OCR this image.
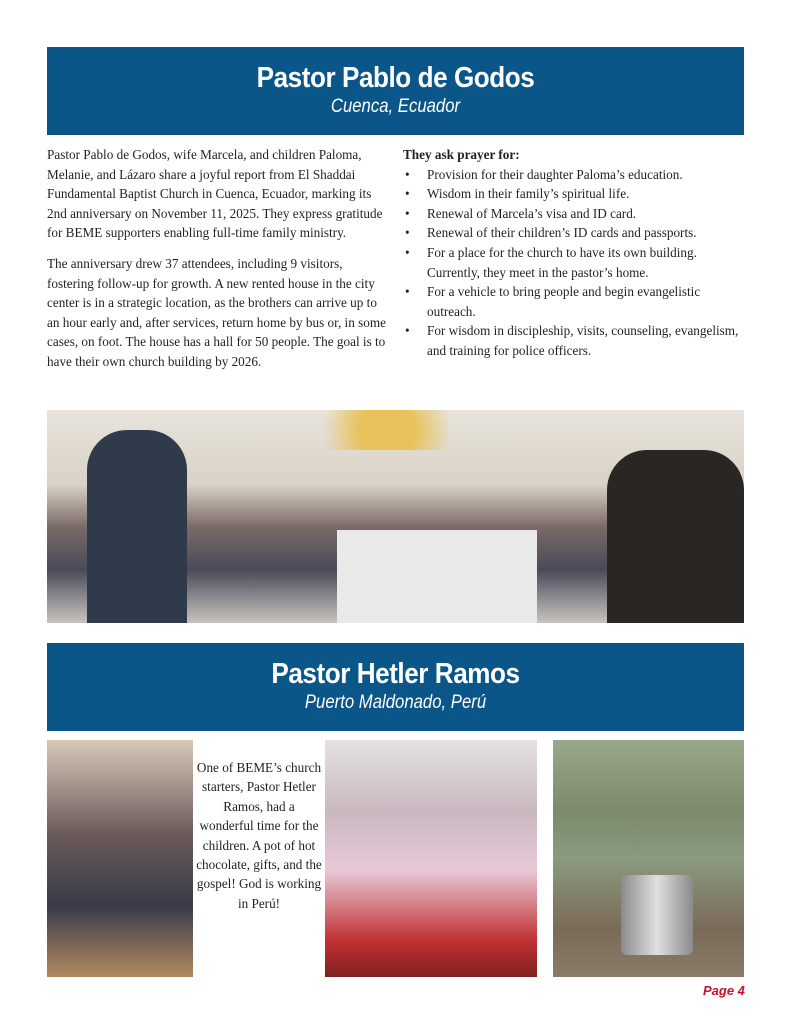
Pastor Pablo de Godos
Cuenca, Ecuador

Pastor Pablo de Godos, wife Marcela, and children Paloma, Melanie, and Lázaro share a joyful report from El Shaddai Fundamental Baptist Church in Cuenca, Ecuador, marking its 2nd anniversary on November 11, 2025. They express gratitude for BEME supporters enabling full-time family ministry.

The anniversary drew 37 attendees, including 9 visitors, fostering follow-up for growth. A new rented house in the city center is in a strategic location, as the brothers can arrive up to an hour early and, after services, return home by bus or, in some cases, on foot. The house has a hall for 50 people. The goal is to have their own church building by 2026.

They ask prayer for:
• Provision for their daughter Paloma’s education.
• Wisdom in their family’s spiritual life.
• Renewal of Marcela’s visa and ID card.
• Renewal of their children’s ID cards and passports.
• For a place for the church to have its own building. Currently, they meet in the pastor’s home.
• For a vehicle to bring people and begin evangelistic outreach.
• For wisdom in discipleship, visits, counseling, evangelism, and training for police officers.
Pastor Hetler Ramos
Puerto Maldonado, Perú
One of BEME’s church starters, Pastor Hetler Ramos, had a wonderful time for the children. A pot of hot chocolate, gifts, and the gospel! God is working in Perú!
Page 4
